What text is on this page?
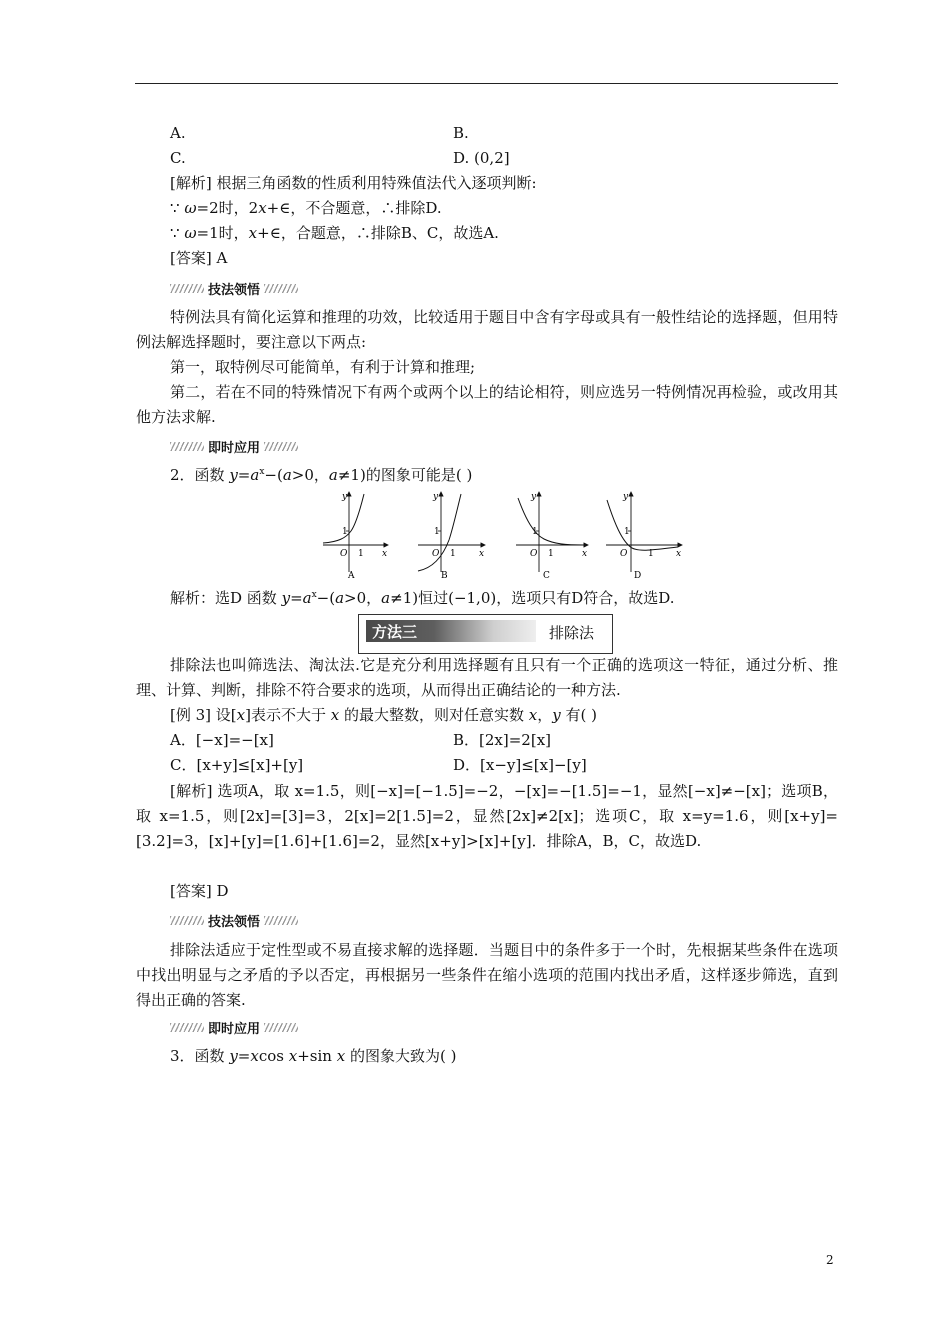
A.	B.
C.	D. (0,2]
[解析] 根据三角函数的性质利用特殊值法代入逐项判断:
∵ ω=2时，2x+∈，不合题意，∴排除D.
∵ ω=1时，x+∈，合题意，∴排除B、C，故选A.
[答案] A
技法领悟
特例法具有简化运算和推理的功效，比较适用于题目中含有字母或具有一般性结论的选择题，但用特例法解选择题时，要注意以下两点:
第一，取特例尽可能简单，有利于计算和推理;
第二，若在不同的特殊情况下有两个或两个以上的结论相符，则应选另一特例情况再检验，或改用其他方法求解.
即时应用
2．函数 $y=a^x-(a>0$，a≠1)的图象可能是( )
1
O 1 x
y
A
1
O 1	x
y
B
1
O 1	x
y
C
1
O 1 x
y
D
解析：选D 函数 $y=a^x-(a>0$，a≠1)恒过(−1,0)，选项只有D符合，故选D.
方法三	排除法
排除法也叫筛选法、淘汰法.它是充分利用选择题有且只有一个正确的选项这一特征，通过分析、推理、计算、判断，排除不符合要求的选项，从而得出正确结论的一种方法.
[例 3] 设[x]表示不大于 x 的最大整数，则对任意实数 x，y 有( )
A．[−x]=−[x]	B．[2x]=2[x]
C．[x+y]≤[x]+[y]	D．[x−y]≤[x]−[y]
[解析] 选项A，取 x=1.5，则[−x]=[−1.5]=−2，−[x]=−[1.5]=−1，显然[−x]≠−[x]；选项B，取 x=1.5，则[2x]=[3]=3，2[x]=2[1.5]=2，显然[2x]≠2[x]；选项C，取 x=y=1.6，则[x+y]=[3.2]=3，[x]+[y]=[1.6]+[1.6]=2，显然[x+y]>[x]+[y]．排除A，B，C，故选D.
[答案] D
技法领悟
排除法适应于定性型或不易直接求解的选择题．当题目中的条件多于一个时，先根据某些条件在选项中找出明显与之矛盾的予以否定，再根据另一些条件在缩小选项的范围内找出矛盾，这样逐步筛选，直到得出正确的答案.
即时应用
3．函数 y=xcos x+sin x 的图象大致为( )
2
